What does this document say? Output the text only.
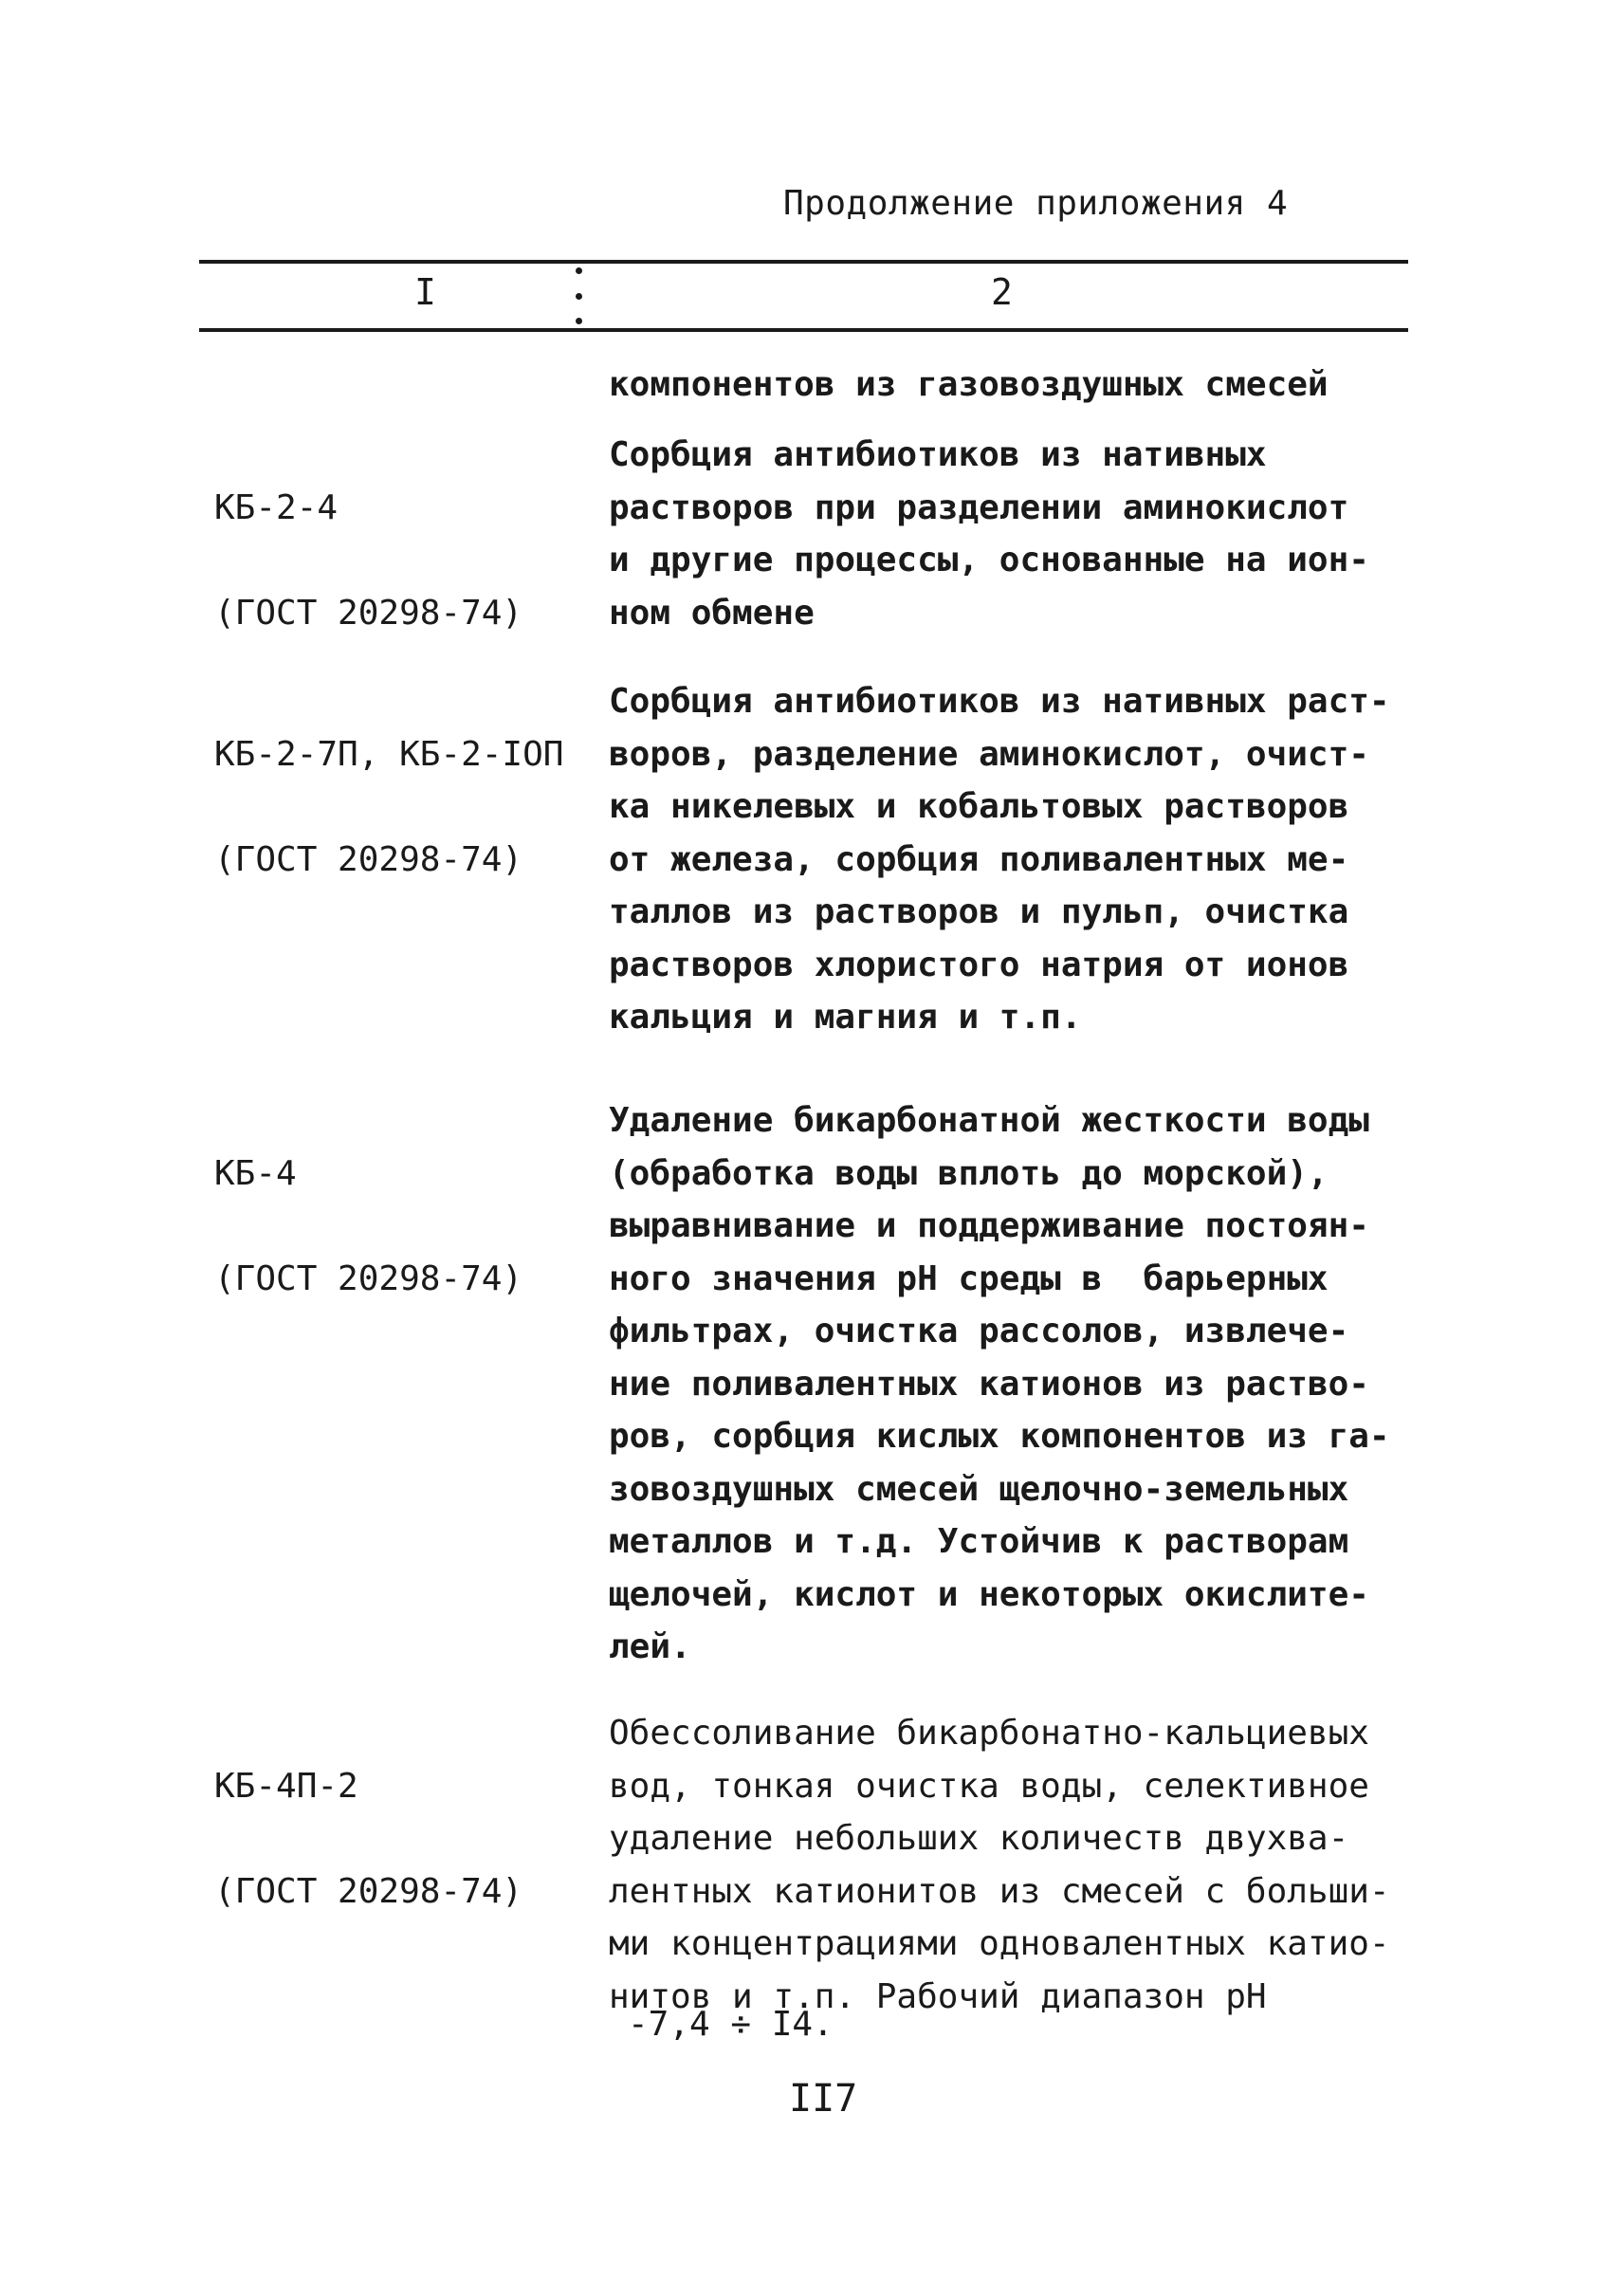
Продолжение приложения 4
I	2
компонентов из газовоздушных смесей

КБ-2-4

(ГОСТ 20298-74)

Сорбция антибиотиков из нативных
растворов при разделении аминокислот
и другие процессы, основанные на ион-
ном обмене

КБ-2-7П, КБ-2-IОП

(ГОСТ 20298-74)

Сорбция антибиотиков из нативных раст-
воров, разделение аминокислот, очист-
ка никелевых и кобальтовых растворов
от железа, сорбция поливалентных ме-
таллов из растворов и пульп, очистка
растворов хлористого натрия от ионов
кальция и магния и т.п.

КБ-4

(ГОСТ 20298-74)

Удаление бикарбонатной жесткости воды
(обработка воды вплоть до морской),
выравнивание и поддерживание постоян-
ного значения рН среды в  барьерных
фильтрах, очистка рассолов, извлече-
ние поливалентных катионов из раство-
ров, сорбция кислых компонентов из га-
зовоздушных смесей щелочно-земельных
металлов и т.д. Устойчив к растворам
щелочей, кислот и некоторых окислите-
лей.

КБ-4П-2

(ГОСТ 20298-74)

Обессоливание бикарбонатно-кальциевых
вод, тонкая очистка воды, селективное
удаление небольших количеств двухва-
лентных катионитов из смесей с больши-
ми концентрациями одновалентных катио-
нитов и т.п. Рабочий диапазон рН
-7,4 ÷ I4.
II7
